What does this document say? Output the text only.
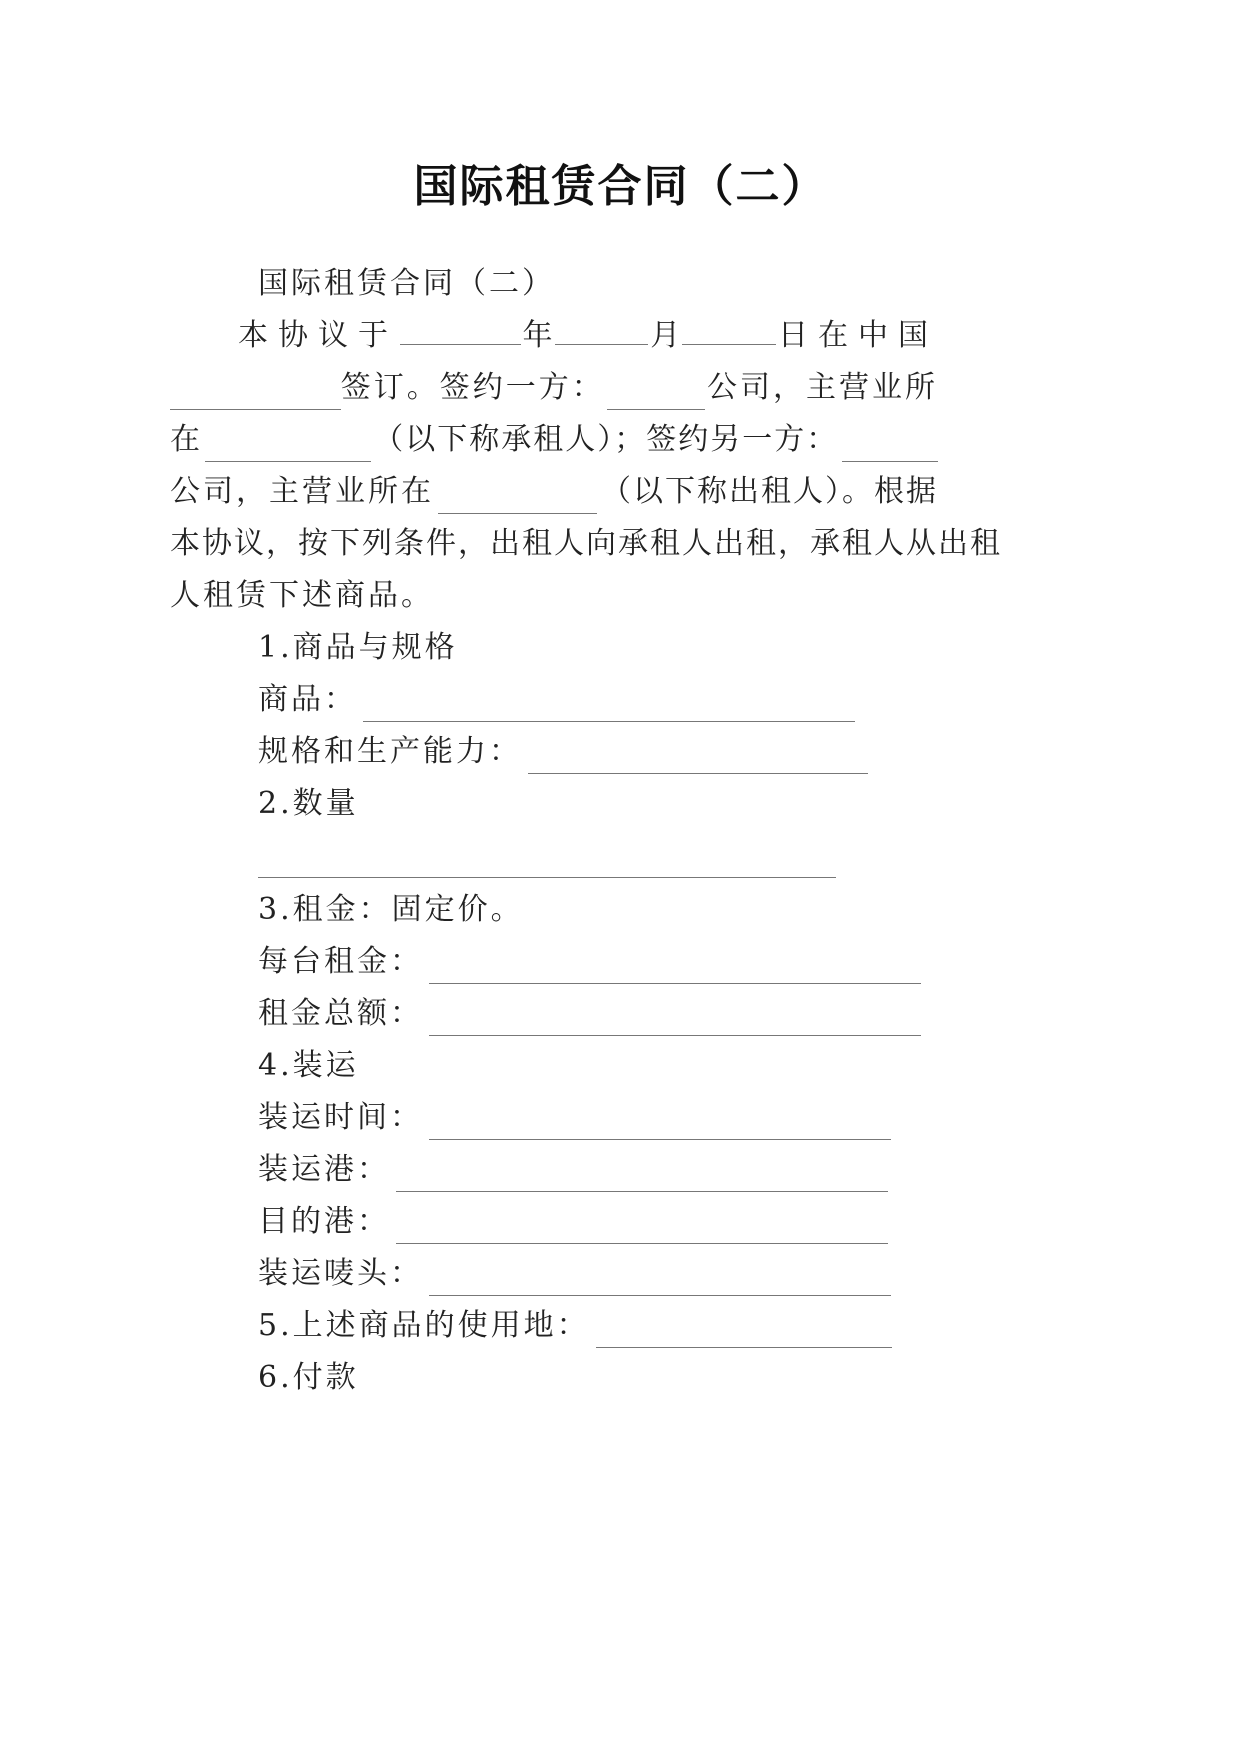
国际租赁合同（二）
国际租赁合同（二）
本协议于	年	月	日在中国
签订。签约一方：	公司，主营业所
在	（以下称承租人）；签约另一方：
公司，主营业所在	（以下称出租人）。根据
本协议，按下列条件，出租人向承租人出租，承租人从出租
人租赁下述商品。
1.商品与规格
商品：
规格和生产能力：
2.数量
3.租金：固定价。
每台租金：
租金总额：
4.装运
装运时间：
装运港：
目的港：
装运唛头：
5.上述商品的使用地：
6.付款
